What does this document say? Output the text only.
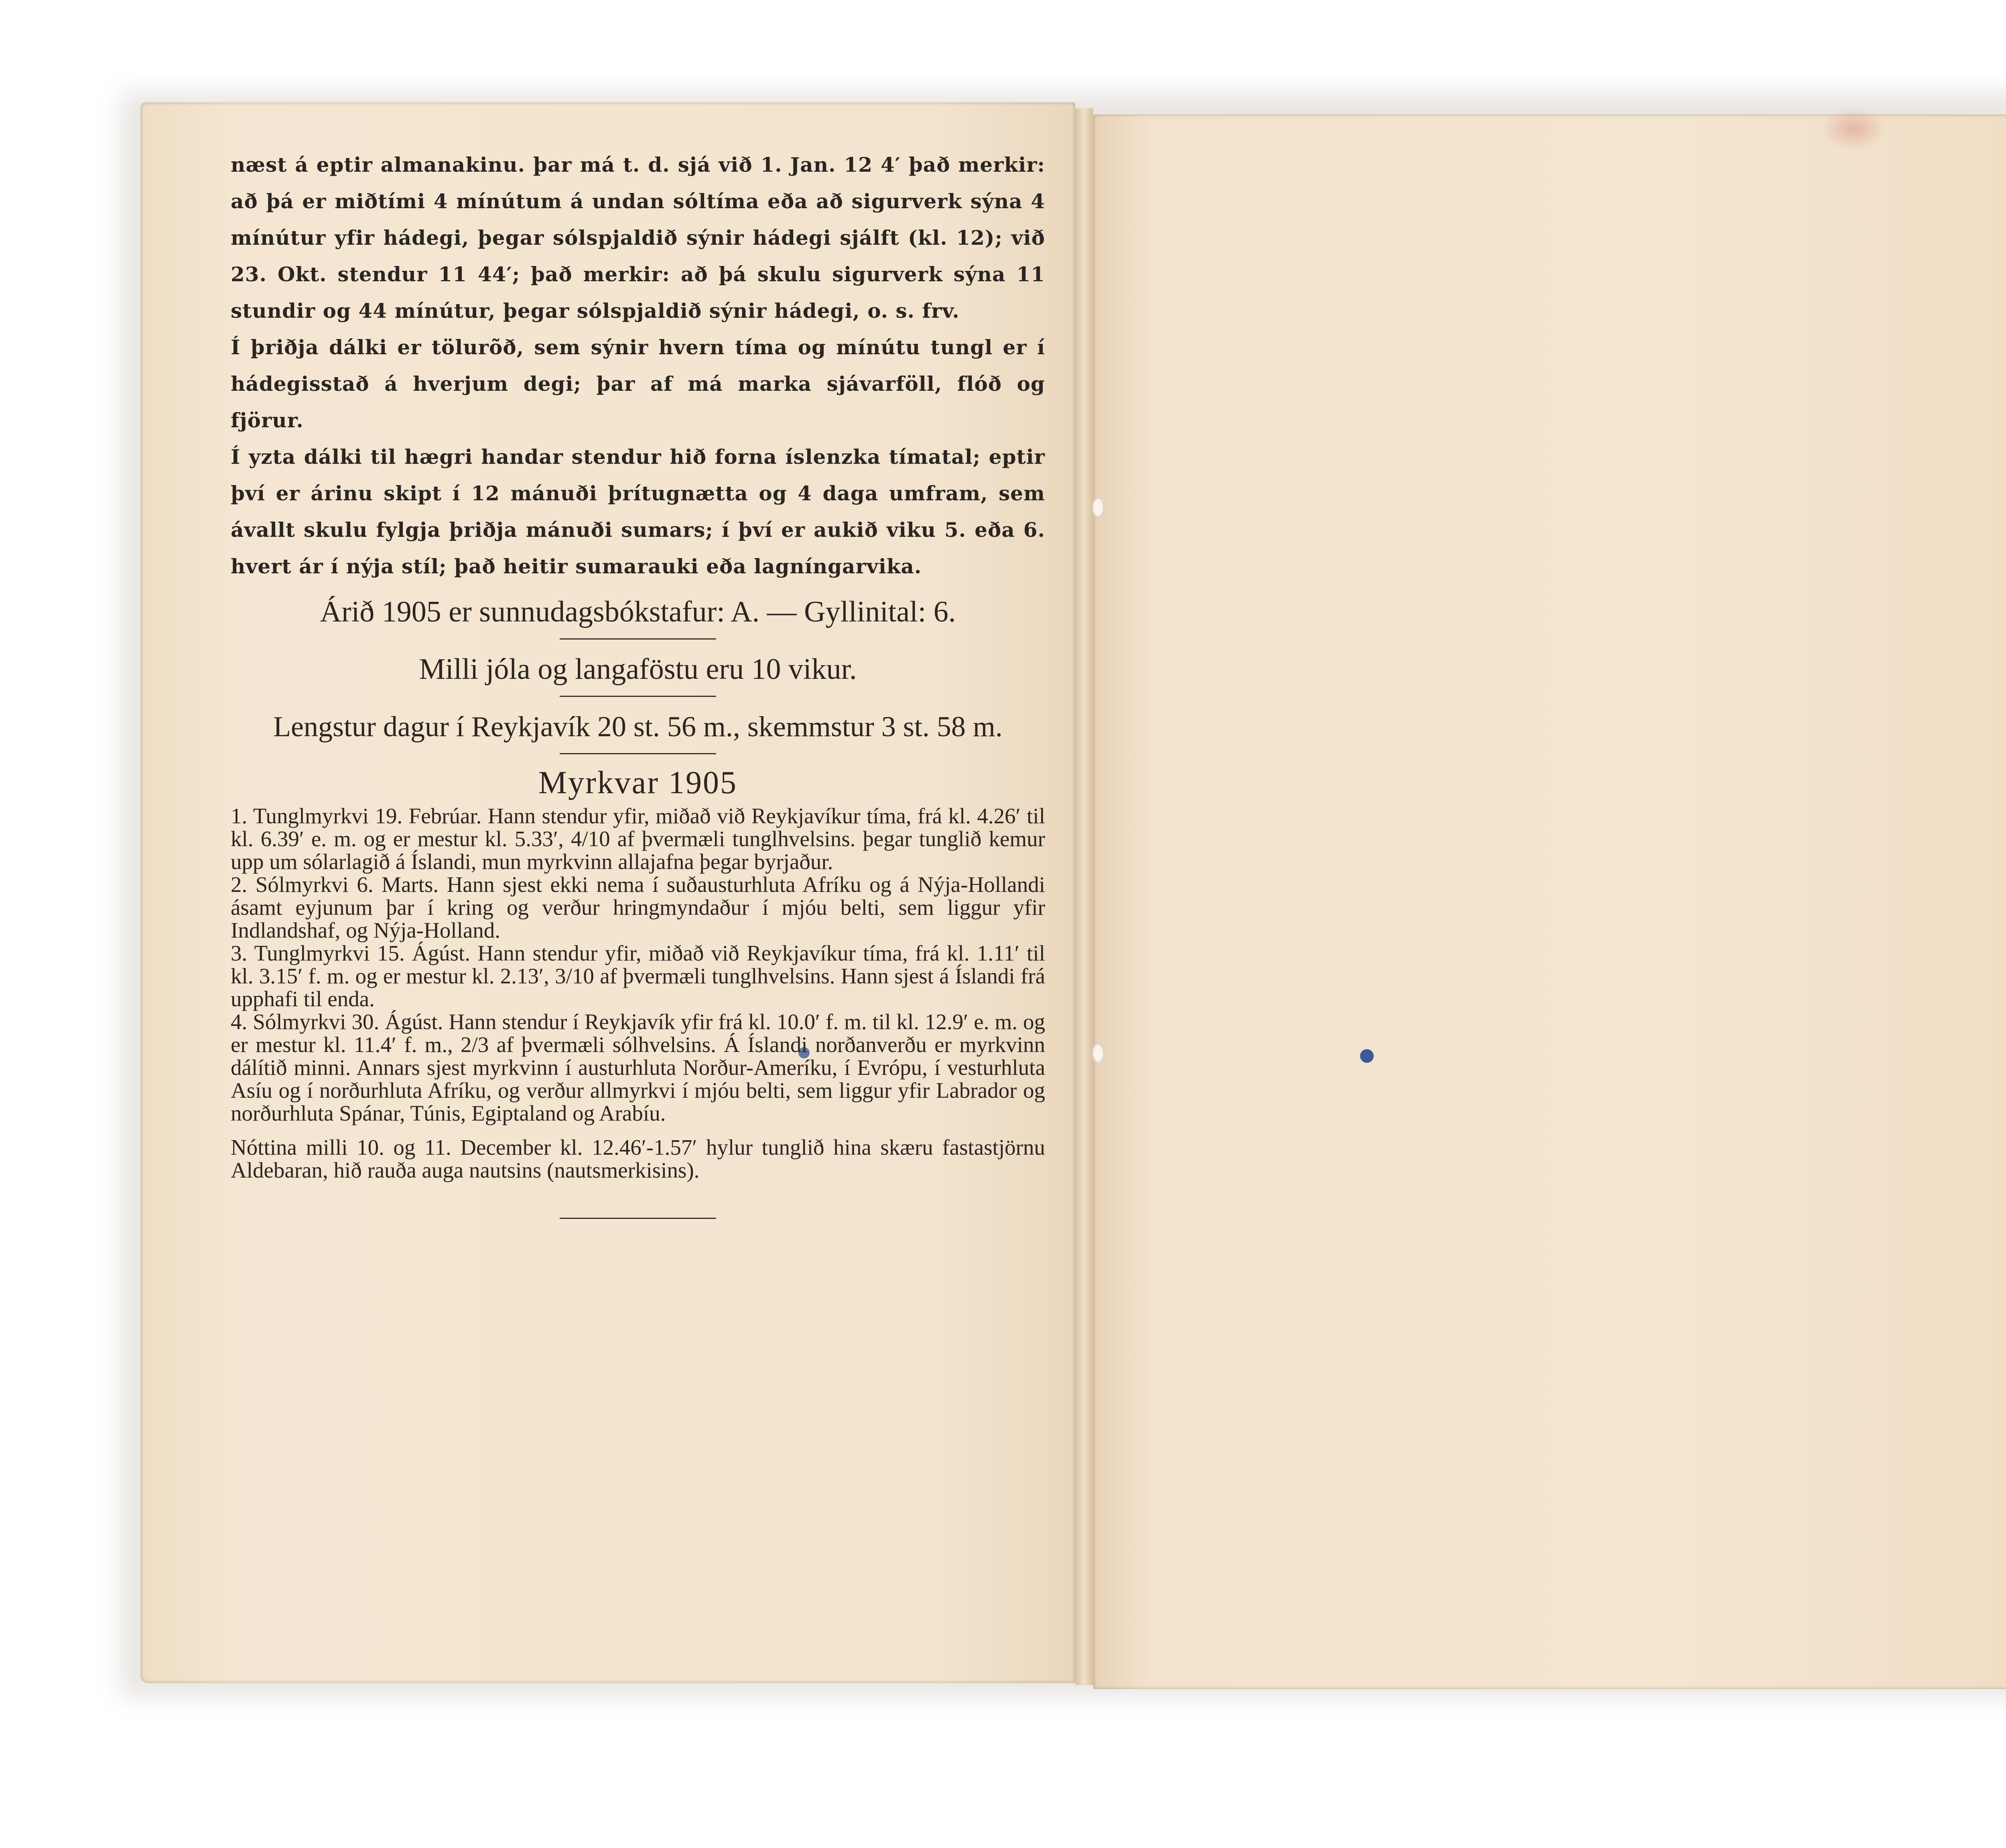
næst á eptir almanakinu. þar má t. d. sjá við 1. Jan. 12 4′ það merkir: að þá er miðtími 4 mínútum á undan sóltíma eða að sigurverk sýna 4 mínútur yfir hádegi, þegar sólspjaldið sýnir hádegi sjálft (kl. 12); við 23. Okt. stendur 11 44′; það merkir: að þá skulu sigurverk sýna 11 stundir og 44 mínútur, þegar sólspjaldið sýnir hádegi, o. s. frv.

Í þriðja dálki er tölurõð, sem sýnir hvern tíma og mínútu tungl er í hádegisstað á hverjum degi; þar af má marka sjávarföll, flóð og fjörur.

Í yzta dálki til hægri handar stendur hið forna íslenzka tímatal; eptir því er árinu skipt í 12 mánuði þrítugnætta og 4 daga umfram, sem ávallt skulu fylgja þriðja mánuði sumars; í því er aukið viku 5. eða 6. hvert ár í nýja stíl; það heitir sumarauki eða lagníngarvika.

Árið 1905 er sunnudagsbókstafur: A. — Gyllinital: 6.

Milli jóla og langaföstu eru 10 vikur.

Lengstur dagur í Reykjavík 20 st. 56 m., skemmstur 3 st. 58 m.

Myrkvar 1905

1. Tunglmyrkvi 19. Febrúar. Hann stendur yfir, miðað við Reykjavíkur tíma, frá kl. 4.26′ til kl. 6.39′ e. m. og er mestur kl. 5.33′, 4/10 af þvermæli tunglhvelsins. þegar tunglið kemur upp um sólarlagið á Íslandi, mun myrkvinn allajafna þegar byrjaður.

2. Sólmyrkvi 6. Marts. Hann sjest ekki nema í suðausturhluta Afríku og á Nýja-Hollandi ásamt eyjunum þar í kring og verður hringmyndaður í mjóu belti, sem liggur yfir Indlandshaf, og Nýja-Holland.

3. Tunglmyrkvi 15. Ágúst. Hann stendur yfir, miðað við Reykjavíkur tíma, frá kl. 1.11′ til kl. 3.15′ f. m. og er mestur kl. 2.13′, 3/10 af þvermæli tunglhvelsins. Hann sjest á Íslandi frá upphafi til enda.

4. Sólmyrkvi 30. Ágúst. Hann stendur í Reykjavík yfir frá kl. 10.0′ f. m. til kl. 12.9′ e. m. og er mestur kl. 11.4′ f. m., 2/3 af þvermæli sólhvelsins. Á Íslandi norðanverðu er myrkvinn dálítið minni. Annars sjest myrkvinn í austurhluta Norður-Ameríku, í Evrópu, í vesturhluta Asíu og í norðurhluta Afríku, og verður allmyrkvi í mjóu belti, sem liggur yfir Labrador og norðurhluta Spánar, Túnis, Egiptaland og Arabíu.

Nóttina milli 10. og 11. December kl. 12.46′-1.57′ hylur tunglið hina skæru fastastjörnu Aldebaran, hið rauða auga nautsins (nautsmerkisins).
